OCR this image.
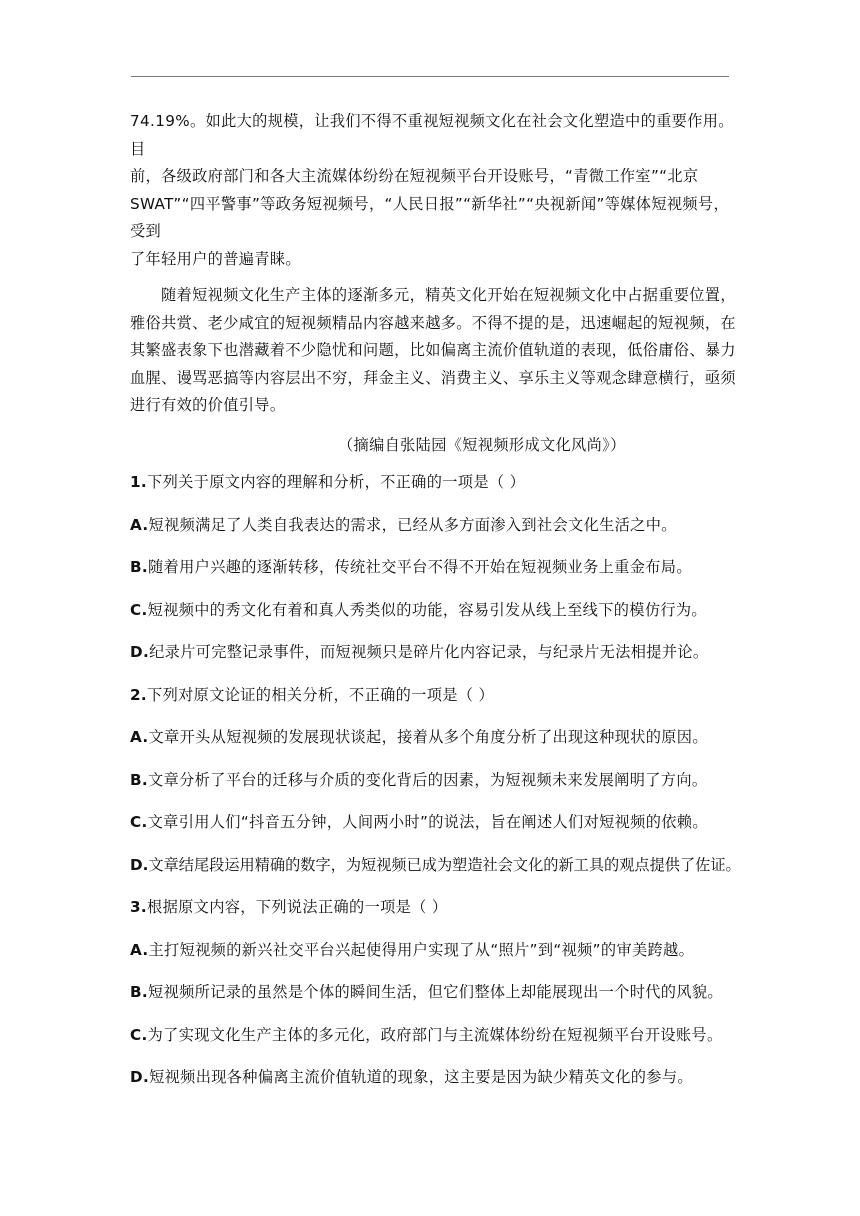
74.19%。如此大的规模，让我们不得不重视短视频文化在社会文化塑造中的重要作用。目

前，各级政府部门和各大主流媒体纷纷在短视频平台开设账号，“青微工作室”“北京

SWAT”“四平警事”等政务短视频号，“人民日报”“新华社”“央视新闻”等媒体短视频号，受到

了年轻用户的普遍青睐。

随着短视频文化生产主体的逐渐多元，精英文化开始在短视频文化中占据重要位置，

雅俗共赏、老少咸宜的短视频精品内容越来越多。不得不提的是，迅速崛起的短视频，在

其繁盛表象下也潜藏着不少隐忧和问题，比如偏离主流价值轨道的表现，低俗庸俗、暴力

血腥、谩骂恶搞等内容层出不穷，拜金主义、消费主义、享乐主义等观念肆意横行，亟须

进行有效的价值引导。

（摘编自张陆园《短视频形成文化风尚》）

1.下列关于原文内容的理解和分析，不正确的一项是（ ）

A.短视频满足了人类自我表达的需求，已经从多方面渗入到社会文化生活之中。

B.随着用户兴趣的逐渐转移，传统社交平台不得不开始在短视频业务上重金布局。

C.短视频中的秀文化有着和真人秀类似的功能，容易引发从线上至线下的模仿行为。

D.纪录片可完整记录事件，而短视频只是碎片化内容记录，与纪录片无法相提并论。

2.下列对原文论证的相关分析，不正确的一项是（ ）

A.文章开头从短视频的发展现状谈起，接着从多个角度分析了出现这种现状的原因。

B.文章分析了平台的迁移与介质的变化背后的因素，为短视频未来发展阐明了方向。

C.文章引用人们“抖音五分钟，人间两小时”的说法，旨在阐述人们对短视频的依赖。

D.文章结尾段运用精确的数字，为短视频已成为塑造社会文化的新工具的观点提供了佐证。

3.根据原文内容，下列说法正确的一项是（ ）

A.主打短视频的新兴社交平台兴起使得用户实现了从“照片”到“视频”的审美跨越。

B.短视频所记录的虽然是个体的瞬间生活，但它们整体上却能展现出一个时代的风貌。

C.为了实现文化生产主体的多元化，政府部门与主流媒体纷纷在短视频平台开设账号。

D.短视频出现各种偏离主流价值轨道的现象，这主要是因为缺少精英文化的参与。
